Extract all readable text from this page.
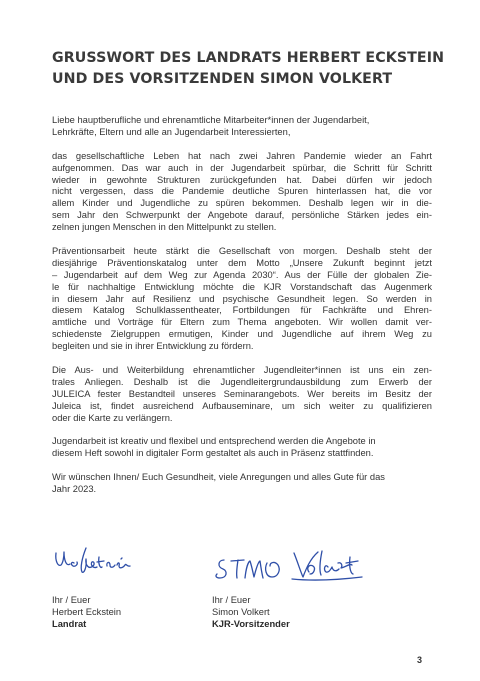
GRUSSWORT DES LANDRATS HERBERT ECKSTEIN
UND DES VORSITZENDEN SIMON VOLKERT
Liebe hauptberufliche und ehrenamtliche Mitarbeiter*innen der Jugendarbeit,
Lehrkräfte, Eltern und alle an Jugendarbeit Interessierten,
das gesellschaftliche Leben hat nach zwei Jahren Pandemie wieder an Fahrt
aufgenommen. Das war auch in der Jugendarbeit spürbar, die Schritt für Schritt
wieder in gewohnte Strukturen zurückgefunden hat. Dabei dürfen wir jedoch
nicht vergessen, dass die Pandemie deutliche Spuren hinterlassen hat, die vor
allem Kinder und Jugendliche zu spüren bekommen. Deshalb legen wir in die-
sem Jahr den Schwerpunkt der Angebote darauf, persönliche Stärken jedes ein-
zelnen jungen Menschen in den Mittelpunkt zu stellen.
Präventionsarbeit heute stärkt die Gesellschaft von morgen. Deshalb steht der
diesjährige Präventionskatalog unter dem Motto „Unsere Zukunft beginnt jetzt
– Jugendarbeit auf dem Weg zur Agenda 2030“. Aus der Fülle der globalen Zie-
le für nachhaltige Entwicklung möchte die KJR Vorstandschaft das Augenmerk
in diesem Jahr auf Resilienz und psychische Gesundheit legen. So werden in
diesem Katalog Schulklassentheater, Fortbildungen für Fachkräfte und Ehren-
amtliche und Vorträge für Eltern zum Thema angeboten. Wir wollen damit ver-
schiedenste Zielgruppen ermutigen, Kinder und Jugendliche auf ihrem Weg zu
begleiten und sie in ihrer Entwicklung zu fördern.
Die Aus- und Weiterbildung ehrenamtlicher Jugendleiter*innen ist uns ein zen-
trales Anliegen. Deshalb ist die Jugendleitergrundausbildung zum Erwerb der
JULEICA fester Bestandteil unseres Seminarangebots. Wer bereits im Besitz der
Juleica ist, findet ausreichend Aufbauseminare, um sich weiter zu qualifizieren
oder die Karte zu verlängern.
Jugendarbeit ist kreativ und flexibel und entsprechend werden die Angebote in
diesem Heft sowohl in digitaler Form gestaltet als auch in Präsenz stattfinden.
Wir wünschen Ihnen/ Euch Gesundheit, viele Anregungen und alles Gute für das
Jahr 2023.
Ihr / Euer
Herbert Eckstein
Landrat
Ihr / Euer
Simon Volkert
KJR-Vorsitzender
3
